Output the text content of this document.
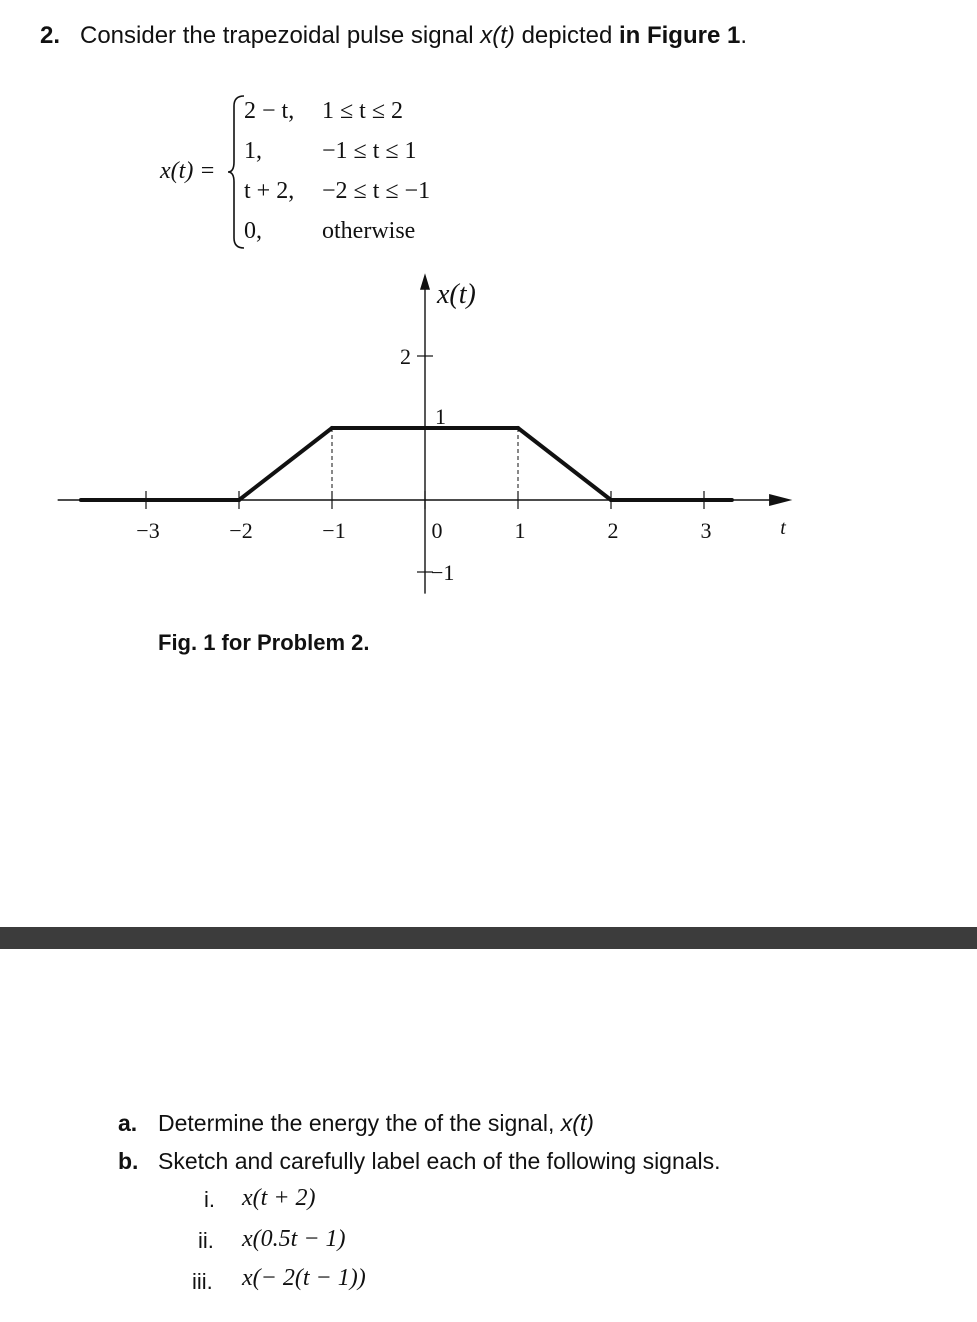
2. Consider the trapezoidal pulse signal x(t) depicted in Figure 1.
x(t) =
2 − t, 1 ≤ t ≤ 2
1,	−1 ≤ t ≤ 1
t + 2, −2 ≤ t ≤ −1
0,	otherwise
−3	−2	−1	0	1	2	3
2
1
−1
x(t)
t
Fig. 1 for Problem 2.
a. Determine the energy the of the signal, x(t)
b. Sketch and carefully label each of the following signals.
i. x(t + 2)
ii. x(0.5t − 1)
iii. x(− 2(t − 1))
